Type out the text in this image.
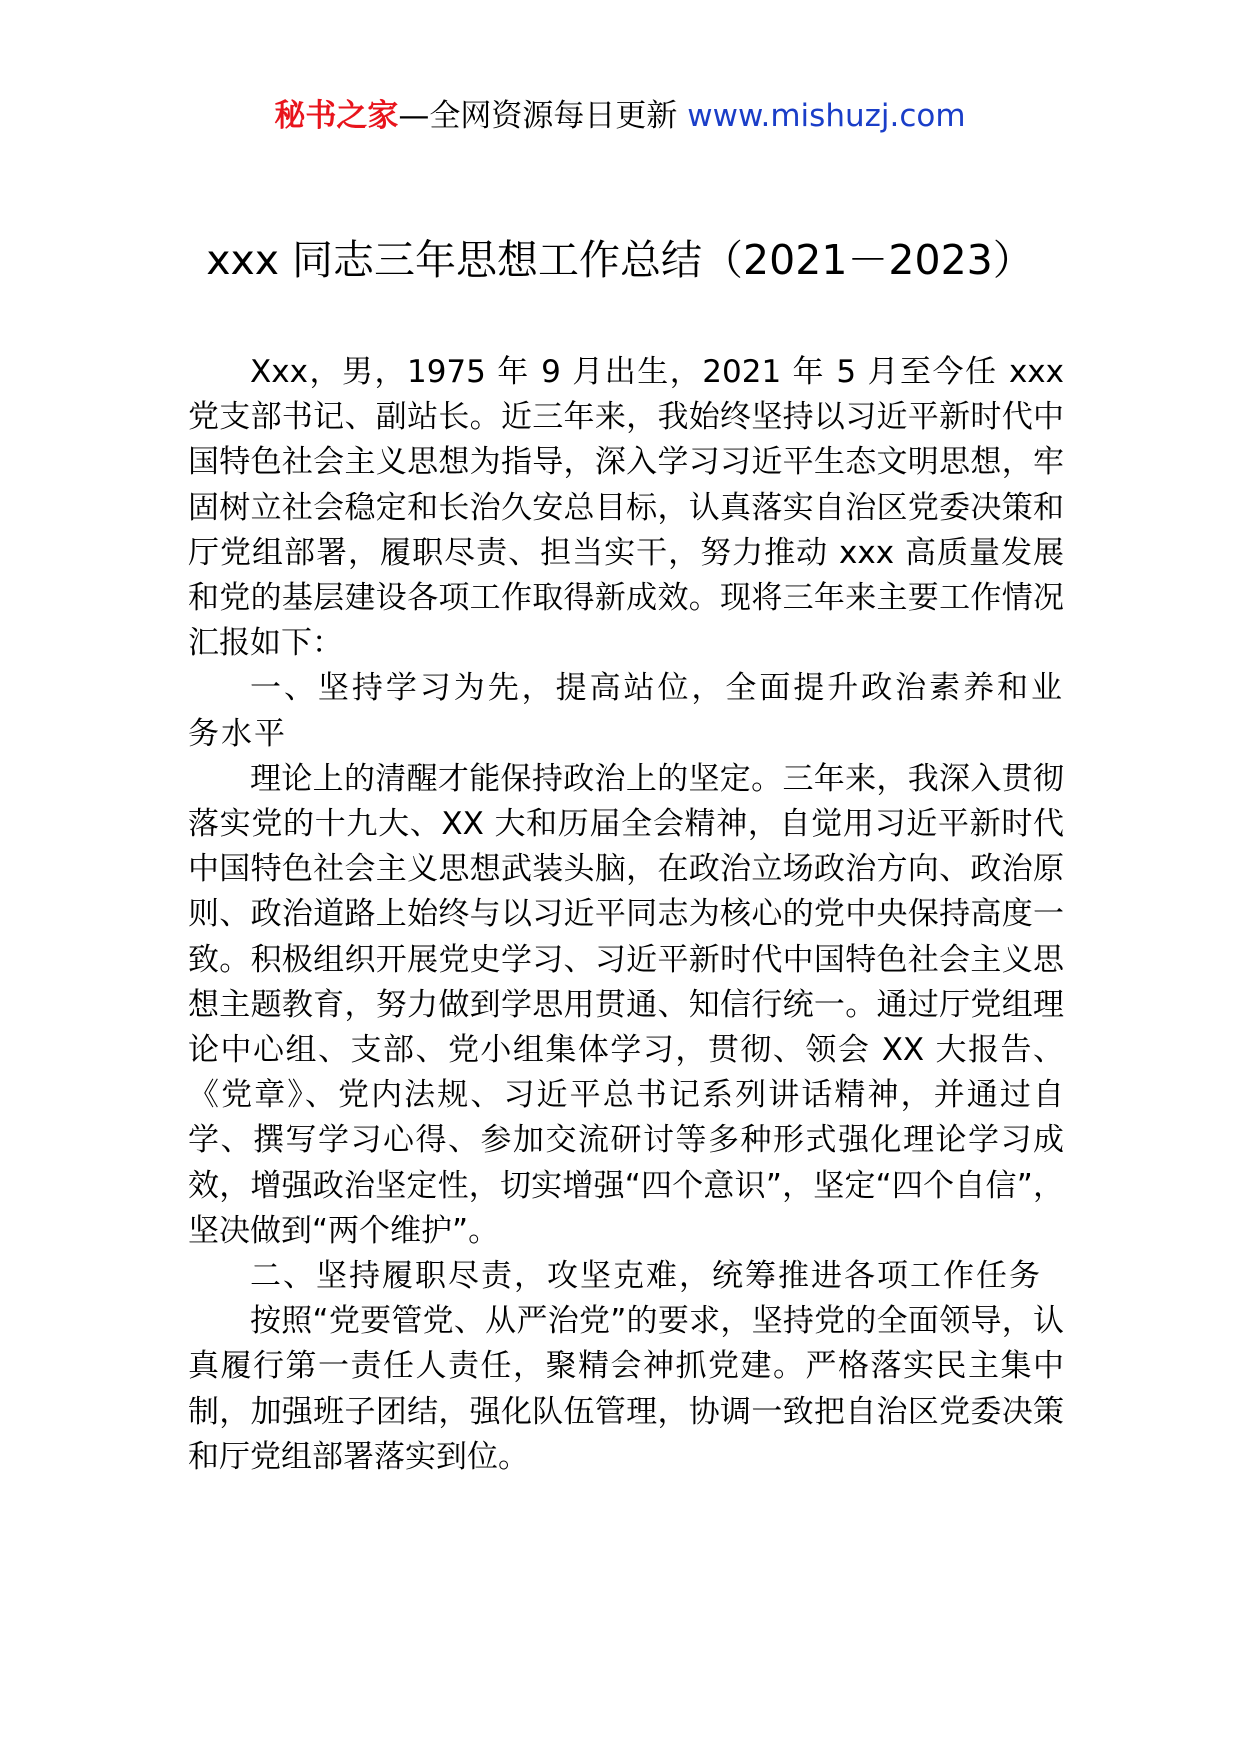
秘书之家—全网资源每日更新 www.mishuzj.com
xxx 同志三年思想工作总结（2021－2023）

Xxx，男，1975 年 9 月出生，2021 年 5 月至今任 xxx 党支部书记、副站长。近三年来，我始终坚持以习近平新时代中国特色社会主义思想为指导，深入学习习近平生态文明思想，牢固树立社会稳定和长治久安总目标，认真落实自治区党委决策和厅党组部署，履职尽责、担当实干，努力推动 xxx 高质量发展和党的基层建设各项工作取得新成效。现将三年来主要工作情况汇报如下：

一、坚持学习为先，提高站位，全面提升政治素养和业务水平

理论上的清醒才能保持政治上的坚定。三年来，我深入贯彻落实党的十九大、XX 大和历届全会精神，自觉用习近平新时代中国特色社会主义思想武装头脑，在政治立场政治方向、政治原则、政治道路上始终与以习近平同志为核心的党中央保持高度一致。积极组织开展党史学习、习近平新时代中国特色社会主义思想主题教育，努力做到学思用贯通、知信行统一。通过厅党组理论中心组、支部、党小组集体学习，贯彻、领会 XX 大报告、《党章》、党内法规、习近平总书记系列讲话精神，并通过自学、撰写学习心得、参加交流研讨等多种形式强化理论学习成效，增强政治坚定性，切实增强“四个意识”，坚定“四个自信”，坚决做到“两个维护”。

二、坚持履职尽责，攻坚克难，统筹推进各项工作任务

按照“党要管党、从严治党”的要求，坚持党的全面领导，认真履行第一责任人责任，聚精会神抓党建。严格落实民主集中制，加强班子团结，强化队伍管理，协调一致把自治区党委决策和厅党组部署落实到位。
